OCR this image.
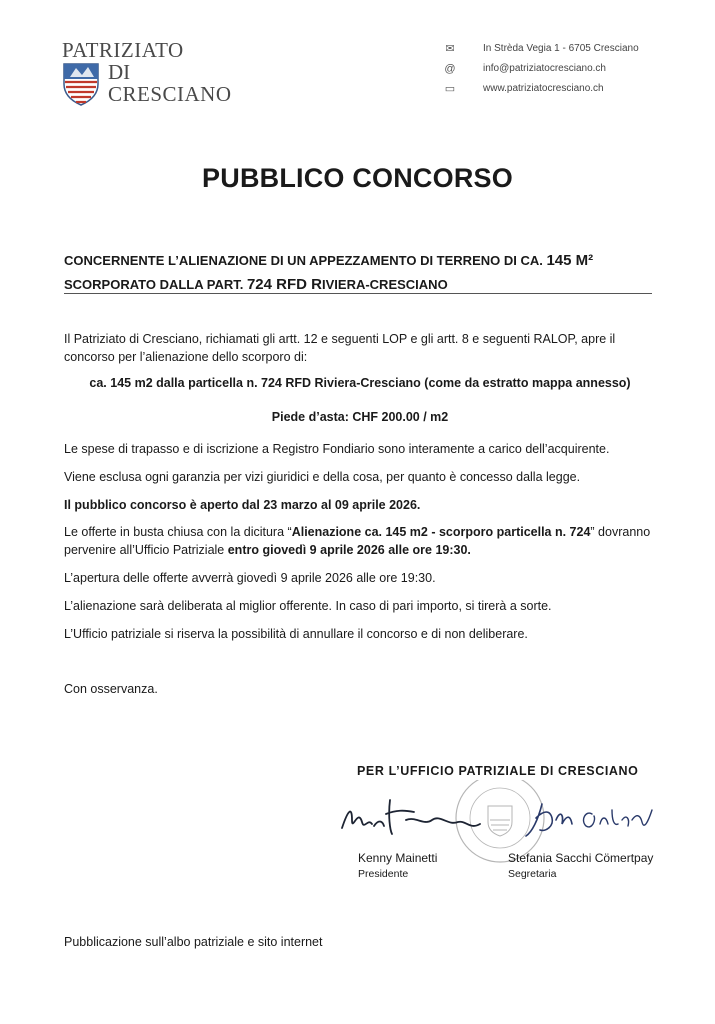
PATRIZIATO
DI
CRESCIANO
✉	In Strèda Vegia 1 - 6705 Cresciano
@	info@patriziatocresciano.ch
▭	www.patriziatocresciano.ch
PUBBLICO CONCORSO
CONCERNENTE L’ALIENAZIONE DI UN APPEZZAMENTO DI TERRENO DI CA. 145 M²
SCORPORATO DALLA PART. 724 RFD RIVIERA-CRESCIANO
Il Patriziato di Cresciano, richiamati gli artt. 12 e seguenti LOP e gli artt. 8 e seguenti RALOP, apre il concorso per l’alienazione dello scorporo di:
ca. 145 m2 dalla particella n. 724 RFD Riviera-Cresciano (come da estratto mappa annesso)
Piede d’asta: CHF 200.00 / m2
Le spese di trapasso e di iscrizione a Registro Fondiario sono interamente a carico dell’acquirente.
Viene esclusa ogni garanzia per vizi giuridici e della cosa, per quanto è concesso dalla legge.
Il pubblico concorso è aperto dal 23 marzo al 09 aprile 2026.
Le offerte in busta chiusa con la dicitura “Alienazione ca. 145 m2 - scorporo particella n. 724” dovranno pervenire all’Ufficio Patriziale entro giovedì 9 aprile 2026 alle ore 19:30.
L’apertura delle offerte avverrà giovedì 9 aprile 2026 alle ore 19:30.
L’alienazione sarà deliberata al miglior offerente. In caso di pari importo, si tirerà a sorte.
L’Ufficio patriziale si riserva la possibilità di annullare il concorso e di non deliberare.
Con osservanza.
PER L’UFFICIO PATRIZIALE DI CRESCIANO
Kenny Mainetti
Presidente
Stefania Sacchi Cömertpay
Segretaria
Pubblicazione sull’albo patriziale e sito internet
